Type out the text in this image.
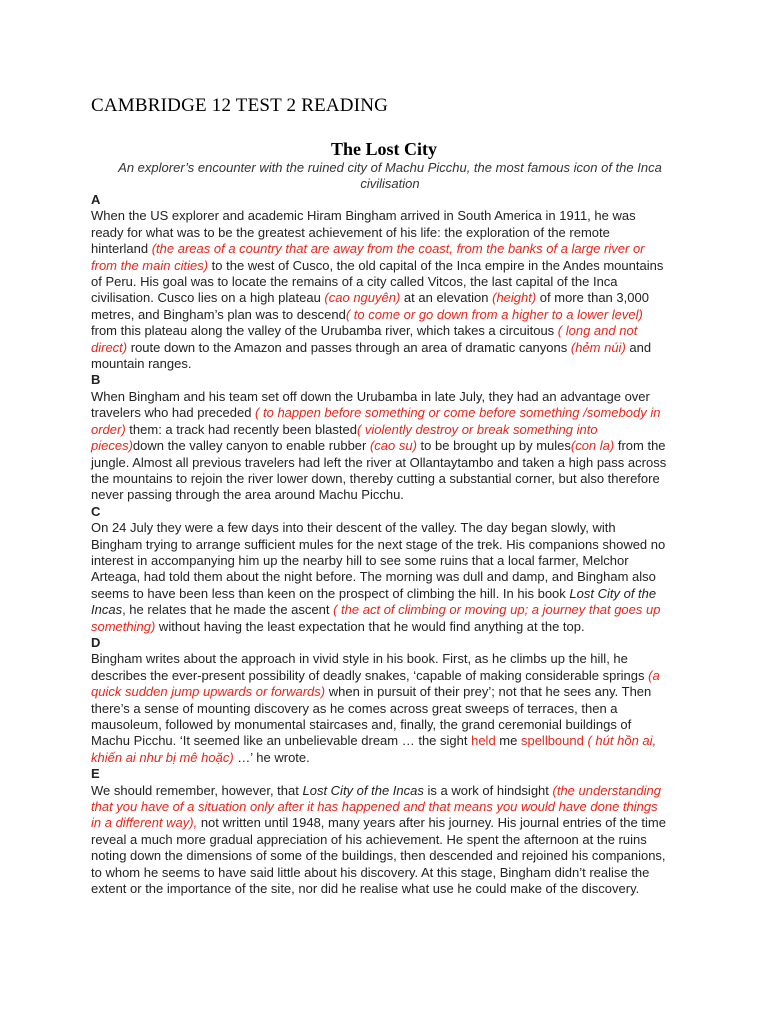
CAMBRIDGE 12 TEST 2 READING
The Lost City
An explorer’s encounter with the ruined city of Machu Picchu, the most famous icon of the Inca civilisation
A
When the US explorer and academic Hiram Bingham arrived in South America in 1911, he was ready for what was to be the greatest achievement of his life: the exploration of the remote hinterland (the areas of a country that are away from the coast, from the banks of a large river or from the main cities) to the west of Cusco, the old capital of the Inca empire in the Andes mountains of Peru. His goal was to locate the remains of a city called Vitcos, the last capital of the Inca civilisation. Cusco lies on a high plateau (cao nguyên) at an elevation (height) of more than 3,000 metres, and Bingham’s plan was to descend( to come or go down from a higher to a lower level) from this plateau along the valley of the Urubamba river, which takes a circuitous ( long and not direct) route down to the Amazon and passes through an area of dramatic canyons (hẻm núi) and mountain ranges.
B
When Bingham and his team set off down the Urubamba in late July, they had an advantage over travelers who had preceded ( to happen before something or come before something /somebody in order) them: a track had recently been blasted( violently destroy or break something into pieces)down the valley canyon to enable rubber (cao su) to be brought up by mules(con la) from the jungle. Almost all previous travelers had left the river at Ollantaytambo and taken a high pass across the mountains to rejoin the river lower down, thereby cutting a substantial corner, but also therefore never passing through the area around Machu Picchu.
C
On 24 July they were a few days into their descent of the valley. The day began slowly, with Bingham trying to arrange sufficient mules for the next stage of the trek. His companions showed no interest in accompanying him up the nearby hill to see some ruins that a local farmer, Melchor Arteaga, had told them about the night before. The morning was dull and damp, and Bingham also seems to have been less than keen on the prospect of climbing the hill. In his book Lost City of the Incas, he relates that he made the ascent ( the act of climbing or moving up; a journey that goes up something) without having the least expectation that he would find anything at the top.
D
Bingham writes about the approach in vivid style in his book. First, as he climbs up the hill, he describes the ever-present possibility of deadly snakes, ‘capable of making considerable springs (a quick sudden jump upwards or forwards) when in pursuit of their prey’; not that he sees any. Then there’s a sense of mounting discovery as he comes across great sweeps of terraces, then a mausoleum, followed by monumental staircases and, finally, the grand ceremonial buildings of Machu Picchu. ‘It seemed like an unbelievable dream … the sight held me spellbound ( hút hồn ai, khiến ai như bị mê hoặc) …’ he wrote.
E
We should remember, however, that Lost City of the Incas is a work of hindsight (the understanding that you have of a situation only after it has happened and that means you would have done things in a different way), not written until 1948, many years after his journey. His journal entries of the time reveal a much more gradual appreciation of his achievement. He spent the afternoon at the ruins noting down the dimensions of some of the buildings, then descended and rejoined his companions, to whom he seems to have said little about his discovery. At this stage, Bingham didn’t realise the extent or the importance of the site, nor did he realise what use he could make of the discovery.
